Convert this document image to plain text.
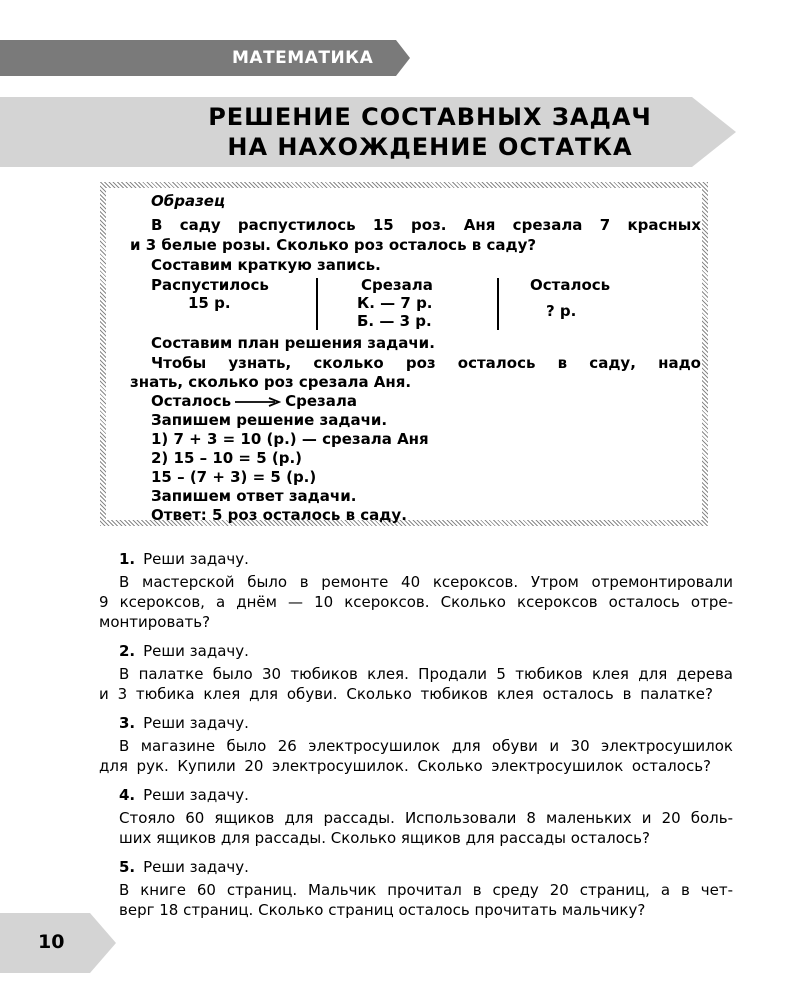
МАТЕМАТИКА
РЕШЕНИЕ СОСТАВНЫХ ЗАДАЧ
НА НАХОЖДЕНИЕ ОСТАТКА
Образец
В саду распустилось 15 роз. Аня срезала 7 красных
и 3 белые розы. Сколько роз осталось в саду?
Составим краткую запись.
Распустилось
15 р.
Срезала
К. — 7 р.
Б. — 3 р.
Осталось
? р.
Составим план решения задачи.
Чтобы узнать, сколько роз осталось в саду, надо
знать, сколько роз срезала Аня.
Осталось	Срезала
Запишем решение задачи.
1) 7 + 3 = 10 (р.) — срезала Аня
2) 15 – 10 = 5 (р.)
15 – (7 + 3) = 5 (р.)
Запишем ответ задачи.
Ответ: 5 роз осталось в саду.
1. Реши задачу.
В мастерской было в ремонте 40 ксероксов. Утром отремонтировали
9 ксероксов, а днём — 10 ксероксов. Сколько ксероксов осталось отре-
монтировать?
2. Реши задачу.
В палатке было 30 тюбиков клея. Продали 5 тюбиков клея для дерева
и 3 тюбика клея для обуви. Сколько тюбиков клея осталось в палатке?
3. Реши задачу.
В магазине было 26 электросушилок для обуви и 30 электросушилок
для рук. Купили 20 электросушилок. Сколько электросушилок осталось?
4. Реши задачу.
Стояло 60 ящиков для рассады. Использовали 8 маленьких и 20 боль-
ших ящиков для рассады. Сколько ящиков для рассады осталось?
5. Реши задачу.
В книге 60 страниц. Мальчик прочитал в среду 20 страниц, а в чет-
верг 18 страниц. Сколько страниц осталось прочитать мальчику?
10
